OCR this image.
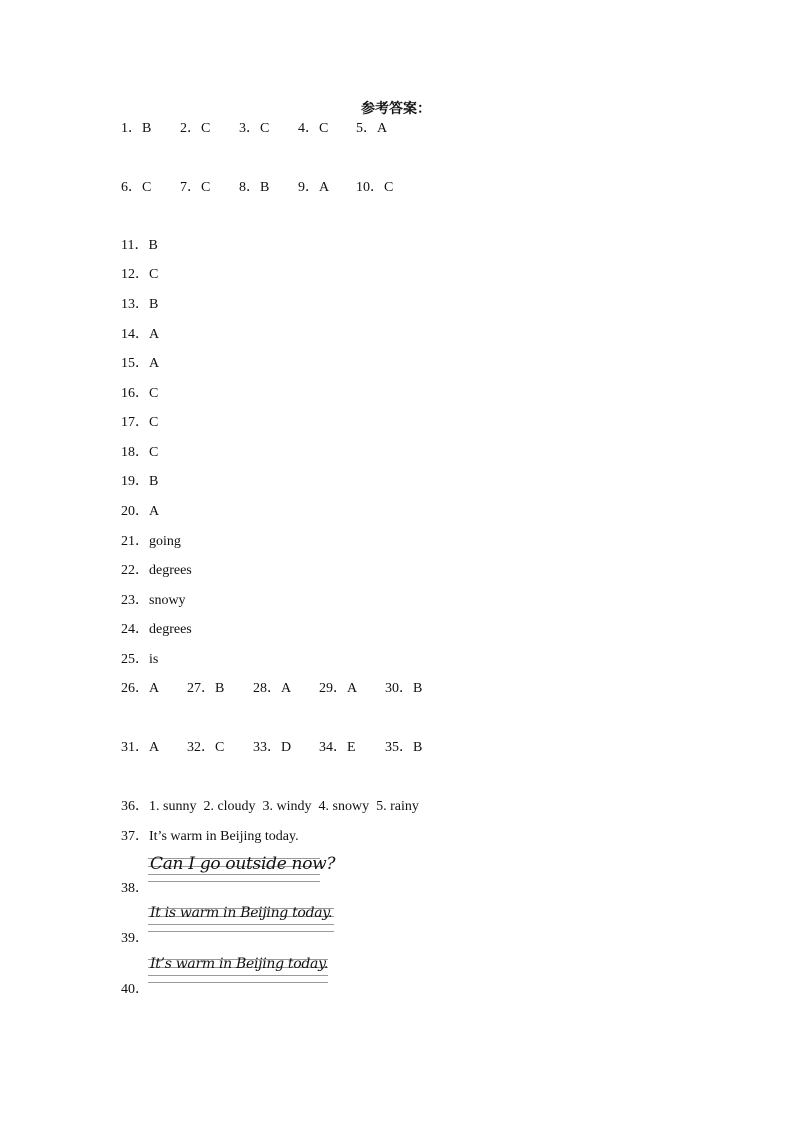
参考答案：
1．B 2．C 3．C 4．C 5．A
6．C 7．C 8．B 9．A 10．C
11．B
12．C
13．B
14．A
15．A
16．C
17．C
18．C
19．B
20．A
21．going
22．degrees
23．snowy
24．degrees
25．is
26．A 27．B 28．A 29．A 30．B
31．A 32．C 33．D 34．E 35．B
36．1. sunny  2. cloudy  3. windy  4. snowy  5. rainy
37．It’s warm in Beijing today.
38．
Can I go outside now?
39．
It is warm in Beijing today.
40．
It’s warm in Beijing today.
